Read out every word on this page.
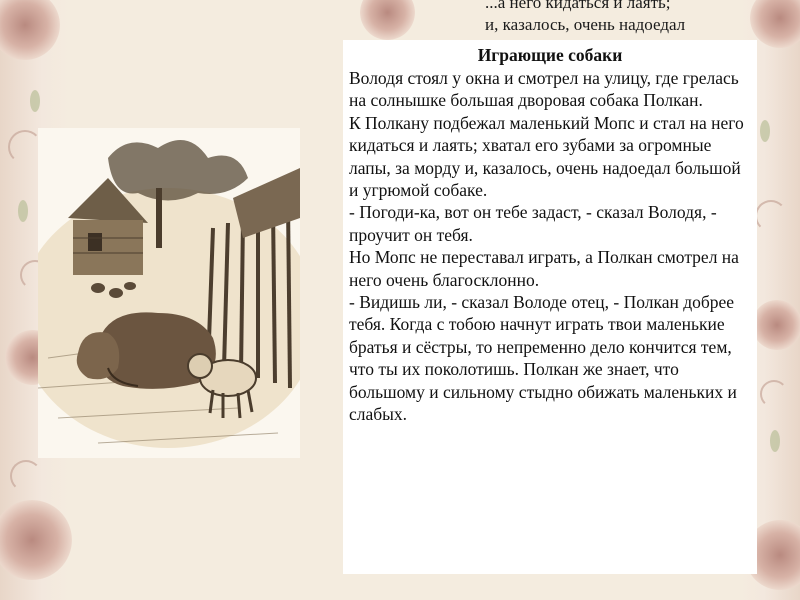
...а него кидаться и лаять;
и, казалось, очень надоедал
Играющие собаки

Володя стоял у окна и смотрел на улицу, где грелась на солнышке большая дворовая собака Полкан.

К Полкану подбежал маленький Мопс и стал на него кидаться и лаять; хватал его зубами за огромные лапы, за морду и, казалось, очень надоедал большой и угрюмой собаке.

- Погоди-ка, вот он тебе задаст, - сказал Володя, - проучит он тебя.

Но Мопс не переставал играть, а Полкан смотрел на него очень благосклонно.

- Видишь ли, - сказал Володе отец, - Полкан добрее тебя. Когда с тобою начнут играть твои маленькие братья и сёстры, то непременно дело кончится тем, что ты их поколотишь. Полкан же знает, что большому и сильному стыдно обижать маленьких и слабых.
